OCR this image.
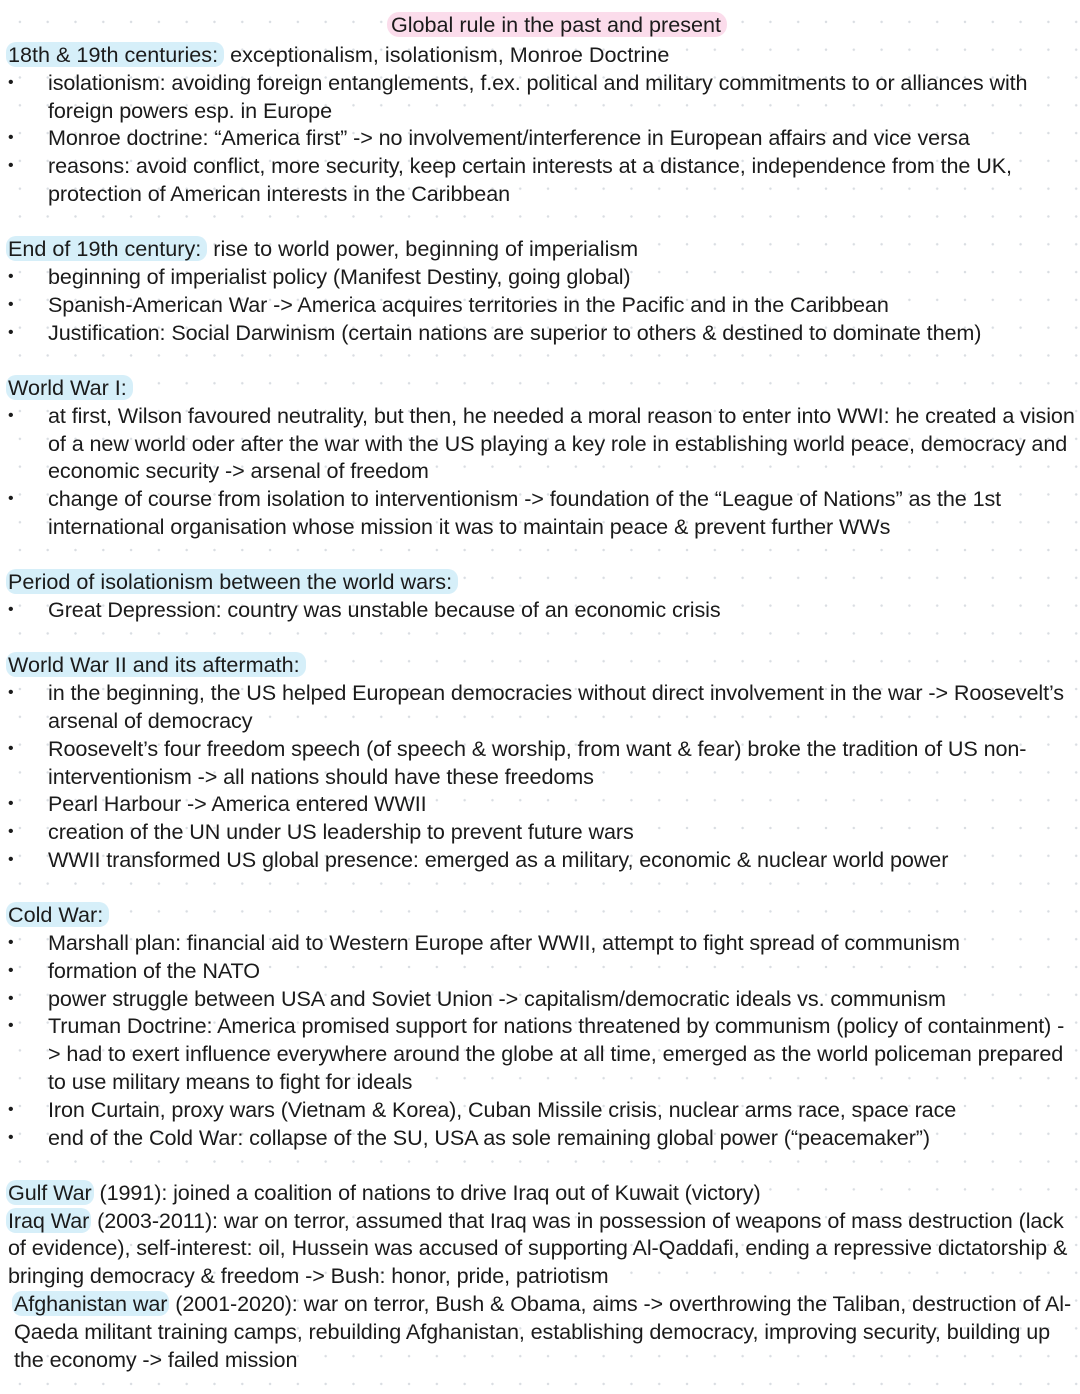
Global rule in the past and present
18th & 19th centuries: exceptionalism, isolationism, Monroe Doctrine
• isolationism: avoiding foreign entanglements, f.ex. political and military commitments to or alliances with foreign powers esp. in Europe
• Monroe doctrine: “America first” -> no involvement/interference in European affairs and vice versa
• reasons: avoid conflict, more security, keep certain interests at a distance, independence from the UK, protection of American interests in the Caribbean
End of 19th century: rise to world power, beginning of imperialism
• beginning of imperialist policy (Manifest Destiny, going global)
• Spanish-American War -> America acquires territories in the Pacific and in the Caribbean
• Justification: Social Darwinism (certain nations are superior to others & destined to dominate them)
World War I:
• at first, Wilson favoured neutrality, but then, he needed a moral reason to enter into WWI: he created a vision of a new world oder after the war with the US playing a key role in establishing world peace, democracy and economic security -> arsenal of freedom
• change of course from isolation to interventionism -> foundation of the “League of Nations” as the 1st international organisation whose mission it was to maintain peace & prevent further WWs
Period of isolationism between the world wars:
• Great Depression: country was unstable because of an economic crisis
World War II and its aftermath:
• in the beginning, the US helped European democracies without direct involvement in the war -> Roosevelt’s arsenal of democracy
• Roosevelt’s four freedom speech (of speech & worship, from want & fear) broke the tradition of US non-interventionism -> all nations should have these freedoms
• Pearl Harbour -> America entered WWII
• creation of the UN under US leadership to prevent future wars
• WWII transformed US global presence: emerged as a military, economic & nuclear world power
Cold War:
• Marshall plan: financial aid to Western Europe after WWII, attempt to fight spread of communism
• formation of the NATO
• power struggle between USA and Soviet Union -> capitalism/democratic ideals vs. communism
• Truman Doctrine: America promised support for nations threatened by communism (policy of containment) -> had to exert influence everywhere around the globe at all time, emerged as the world policeman prepared to use military means to fight for ideals
• Iron Curtain, proxy wars (Vietnam & Korea), Cuban Missile crisis, nuclear arms race, space race
• end of the Cold War: collapse of the SU, USA as sole remaining global power (“peacemaker”)

Gulf War (1991): joined a coalition of nations to drive Iraq out of Kuwait (victory)

Iraq War (2003-2011): war on terror, assumed that Iraq was in possession of weapons of mass destruction (lack of evidence), self-interest: oil, Hussein was accused of supporting Al-Qaddafi, ending a repressive dictatorship & bringing democracy & freedom -> Bush: honor, pride, patriotism

Afghanistan war (2001-2020): war on terror, Bush & Obama, aims -> overthrowing the Taliban, destruction of Al-Qaeda militant training camps, rebuilding Afghanistan, establishing democracy, improving security, building up the economy -> failed mission
